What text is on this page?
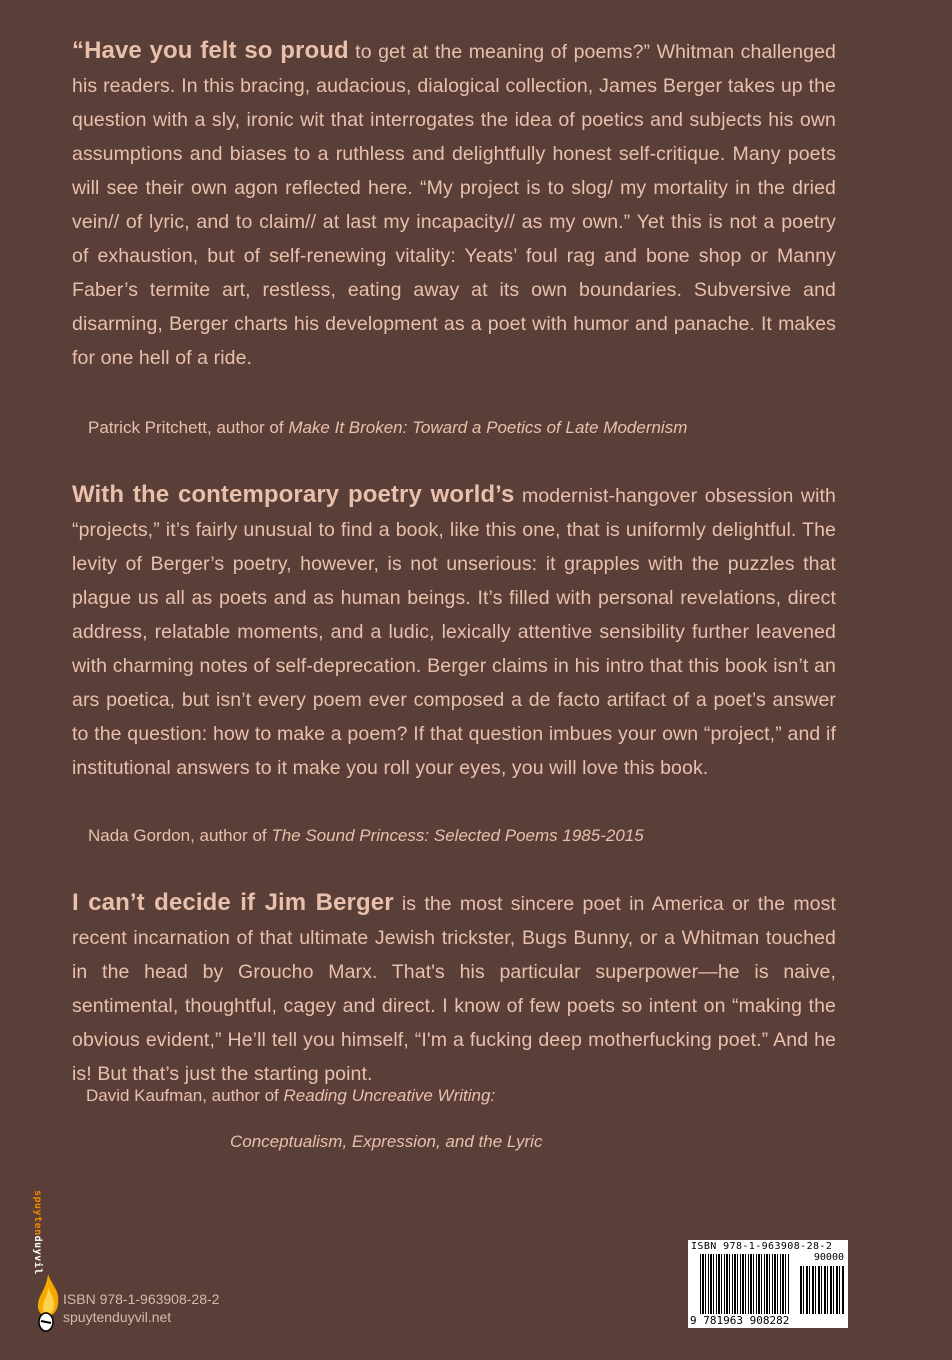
“Have you felt so proud to get at the meaning of poems?” Whitman challenged his readers. In this bracing, audacious, dialogical collection, James Berger takes up the question with a sly, ironic wit that interrogates the idea of poetics and subjects his own assumptions and biases to a ruthless and delightfully honest self-critique. Many poets will see their own agon reflected here. “My project is to slog/ my mortality in the dried vein// of lyric, and to claim// at last my incapacity// as my own.” Yet this is not a poetry of exhaustion, but of self-renewing vitality: Yeats’ foul rag and bone shop or Manny Faber’s termite art, restless, eating away at its own boundaries. Subversive and disarming, Berger charts his development as a poet with humor and panache. It makes for one hell of a ride.
Patrick Pritchett, author of Make It Broken: Toward a Poetics of Late Modernism
With the contemporary poetry world’s modernist-hangover obsession with “projects,” it’s fairly unusual to find a book, like this one, that is uniformly delightful. The levity of Berger’s poetry, however, is not unserious: it grapples with the puzzles that plague us all as poets and as human beings. It’s filled with personal revelations, direct address, relatable moments, and a ludic, lexically attentive sensibility further leavened with charming notes of self-deprecation. Berger claims in his intro that this book isn’t an ars poetica, but isn’t every poem ever composed a de facto artifact of a poet’s answer to the question: how to make a poem? If that question imbues your own “project,” and if institutional answers to it make you roll your eyes, you will love this book.
Nada Gordon, author of The Sound Princess: Selected Poems 1985-2015
I can’t decide if Jim Berger is the most sincere poet in America or the most recent incarnation of that ultimate Jewish trickster, Bugs Bunny, or a Whitman touched in the head by Groucho Marx. That's his particular superpower—he is naive, sentimental, thoughtful, cagey and direct. I know of few poets so intent on “making the obvious evident,” He’ll tell you himself, “I'm a fucking deep motherfucking poet.” And he is! But that’s just the starting point.
David Kaufman, author of Reading Uncreative Writing:
Conceptualism, Expression, and the Lyric
spuytenduyvil
ISBN 978-1-963908-28-2
spuytenduyvil.net
ISBN 978-1-963908-28-2
90000
9 781963 908282
